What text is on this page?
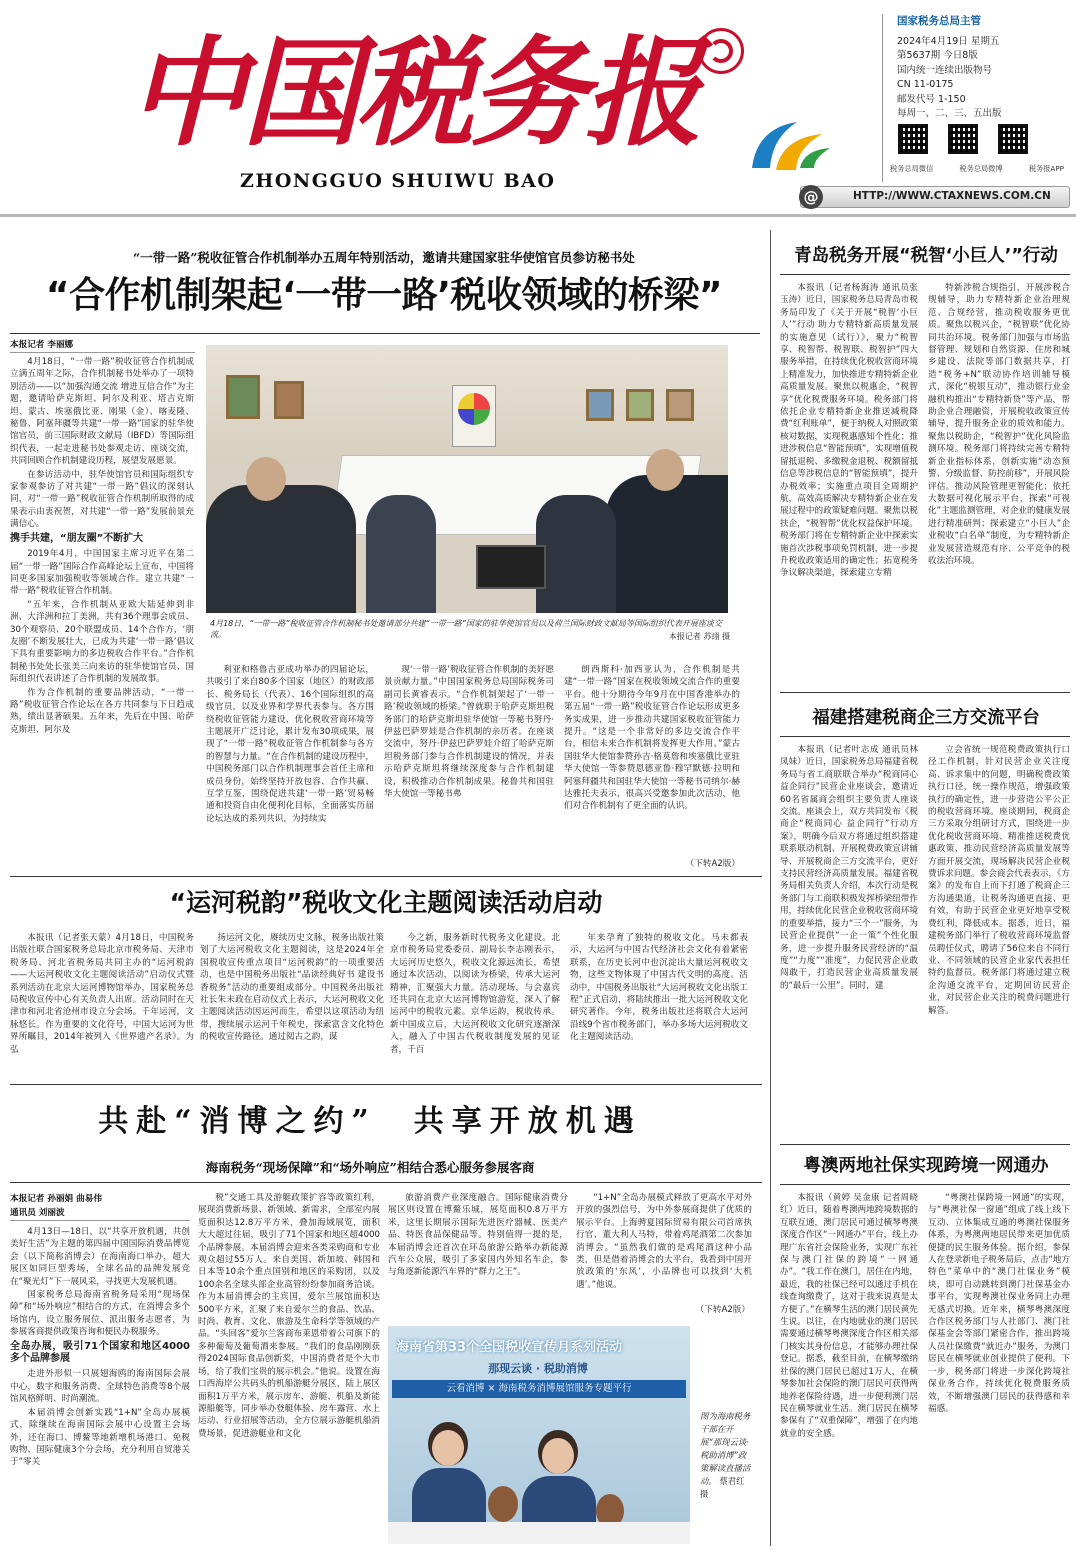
中国税务报
ZHONGGUO SHUIWU BAO
国家税务总局主管
2024年4月19日 星期五
第5637期 今日8版
国内统一连续出版物号
CN 11-0175
邮发代号 1-150
每周一、二、三、五出版
税务总局微信	税务总局微博	税务报APP
@	HTTP://WWW.CTAXNEWS.COM.CN
“一带一路”税收征管合作机制举办五周年特别活动，邀请共建国家驻华使馆官员参访秘书处
“合作机制架起‘一带一路’税收领域的桥梁”
本报记者 李丽娜

4月18日，“一带一路”税收征管合作机制成立满五周年之际，合作机制秘书处举办了一项特别活动——以“加强沟通交流 增进互信合作”为主题，邀请哈萨克斯坦、阿尔及利亚、塔吉克斯坦、蒙古、埃塞俄比亚、刚果（金）、喀麦隆、秘鲁、阿塞拜疆等共建“一带一路”国家的驻华使馆官员，前三国际财政文献局（IBFD）等国际组织代表，一起走进秘书处参观走访、座谈交流，共同回顾合作机制建设历程，展望发展愿景。

在参访活动中，驻华使馆官员和国际组织专家参观参访了对共建“一带一路”倡议的深刻认同，对“一带一路”税收征管合作机制所取得的成果表示由衷祝贺，对共建“一带一路”发展前景充满信心。

携手共建，“朋友圈”不断扩大

2019年4月，中国国家主席习近平在第二届“一带一路”国际合作高峰论坛上宣布，中国将同更多国家加强税收等领域合作。建立共建“一带一路”税收征管合作机制。

“五年来，合作机制从亚欧大陆延伸到非洲、大洋洲和拉丁美洲，共有36个理事会成员、30个观察员、20个联盟成员、14个合作方，‘朋友圈’不断发展壮大，已成为共建‘一带一路’倡议下具有重要影响力的多边税收合作平台。”合作机制秘书处处长张美三向来访的驻华使馆官员、国际组织代表讲述了合作机制的发展故事。

作为合作机制的重要品牌活动，“一带一路”税收征管合作论坛在各方共同参与下日趋成熟，绩出显著硕果。五年来，先后在中国、哈萨克斯坦、阿尔及

4月18日，“一带一路”税收征管合作机制秘书处邀请部分共建“一带一路”国家的驻华使馆官员以及荷兰国际财政文献局等国际组织代表开展座谈交流。	本报记者 苏翊 摄

利亚和格鲁吉亚成功举办的四届论坛，共吸引了来自80多个国家（地区）的财政部长、税务局长（代表）、16个国际组织的高级官员，以及业界和学界代表参与。各方围绕税收征管能力建设、优化税收营商环境等主题展开广泛讨论，累计发布30项成果，展现了“一带一路”税收征管合作机制参与各方的智慧与力量。“在合作机制的建设历程中，中国税务部门以合作机制理事会首任主席和成员身份，始终坚持开放包容、合作共赢、互学互鉴，围绕促进共建‘一带一路’贸易畅通和投资自由化便利化目标，全面落实历届论坛达成的系列共识，为持续实

现‘一带一路’税收征管合作机制的美好愿景贡献力量。”中国国家税务总局国际税务司副司长黄睿表示。“合作机制架起了‘一带一路’税收领域的桥梁。”曾就职于哈萨克斯坦税务部门的哈萨克斯坦驻华使馆一等秘书努丹·伊兹巴萨罗娃是合作机制的亲历者。在座谈交流中，努丹·伊兹巴萨罗娃介绍了哈萨克斯坦税务部门参与合作机制建设的情况，并表示哈萨克斯坦将继续深度参与合作机制建设，积极推动合作机制成果。秘鲁共和国驻华大使馆一等秘书弗

朗西斯科·加西亚认为，合作机制是共建“一带一路”国家在税收领域交流合作的重要平台。他十分期待今年9月在中国香港举办的第五届“一带一路”税收征管合作论坛形成更多务实成果，进一步推动共建国家税收征管能力提升。“这是一个非常好的多边交流合作平台，相信未来合作机制将发挥更大作用。”蒙古国驻华大使馆参赞孙吉·格莫詹和埃塞俄比亚驻华大使馆一等参赞恩德亚鲁·穆罕默德·拉明和阿塞拜疆共和国驻华大使馆一等秘书司纳尔·赫达雅托夫表示，很高兴受邀参加此次活动，他们对合作机制有了更全面的认识。

（下转A2版）
“运河税韵”税收文化主题阅读活动启动

本报讯（记者张天蒙）4月18日，中国税务出版社联合国家税务总局北京市税务局、天津市税务局、河北省税务局共同主办的“运河税韵——大运河税收文化主题阅读活动”启动仪式暨系列活动在北京大运河博物馆举办，国家税务总局税收宣传中心有关负责人出席。活动同时在天津市和河北省沧州市设立分会场。千年运河，文脉悠长。作为重要的文化符号，中国大运河为世界所瞩目，2014年被列入《世界遗产名录》。为弘

扬运河文化，赓续历史文脉，税务出版社策划了大运河税收文化主题阅读，这是2024年全国税收宣传重点项目“运河税韵”的一项重要活动，也是中国税务出版社“品读经典好书 建设书香税务”活动的重要组成部分。中国税务出版社社长朱未政在启动仪式上表示，大运河税收文化主题阅读活动因运河而生，希望以这项活动为纽带，搜续展示运河千年税史，探索富含文化特色的税收宣传路径。通过阅古之韵，谋

今之新，服务新时代税务文化建设。北京市税务局党委委员、副局长李志刚表示，大运河历史悠久，税收文化源远流长，希望通过本次活动，以阅读为桥梁，传承大运河精神，汇聚强大力量。活动现场，与会嘉宾还共同在北京大运河博物馆游览，深入了解运河中的税收元素。京华运韵，税收传承。新中国成立后，大运河税收文化研究逐渐深入，融入了中国古代税收制度发展的见证者，千百

年来孕育了独特的税收文化。马未都表示，大运河与中国古代经济社会文化有着紧密联系，在历史长河中也沉淀出大量运河税收文物，这些文物体现了中国古代文明的高度。活动中，中国税务出版社“大运河税收文化出版工程”正式启动，将陆续推出一批大运河税收文化研究著作。今年，税务出版社还将联合大运河沿线9个省市税务部门，举办多场大运河税收文化主题阅读活动。

共赴“消博之约”  共享开放机遇
海南税务“现场保障”和“场外响应”相结合悉心服务参展客商
本报记者 孙丽娟 曲易伟
通讯员 刘丽波

4月13日—18日，以“共享开放机遇，共创美好生活”为主题的第四届中国国际消费品博览会（以下简称消博会）在海南海口举办，超大展区如同巨型秀场，全球名品的品牌发展竞在“聚光灯”下一展风采，寻找更大发展机遇。

国家税务总局海南省税务局采用“现场保障”和“场外响应”相结合的方式，在消博会多个场馆内，设立服务展位、派出服务志愿者，为参展客商提供政策咨询和便民办税服务。

全岛办展，吸引71个国家和地区4000多个品牌参展

走进外形似一只展翅海鸥的海南国际会展中心，数字和服务消费、全球特色消费等8个展馆风格鲜明、时尚潮流。

本届消博会创新实践“1+N”全岛办展模式，除继续在海南国际会展中心设置主会场外，还在海口、博鳌等地新增机场港口、免税购物、国际健康3个分会场，充分利用自贸港关于“零关

税”交通工具及游艇政策扩容等政策红利，展现消费新场景、新领域、新需求，全部室内展览面积达12.8万平方米，叠加海域展览，面积大大超过往届，吸引了71个国家和地区超4000个品牌参展。本届消博会迎来各类采购商和专业观众超过55万人。来自美国、新加坡、韩国和日本等10余个重点国别和地区的采购团，以及100余名全球头部企业高管纷纷参加商务洽谈。作为本届消博会的主宾国，爱尔兰展馆面积达500平方米，汇聚了来自爱尔兰的食品、饮品、时尚、教育、文化、旅游及生命科学等领域的产品。“头回客”爱尔兰客商布莱恩带着公司旗下的多种葡萄及葡萄酒来参展。“我们的食品刚刚获得2024国际食品创新奖，中国消费者是个大市场，给了我们宝贵的展示机会。”他说。设置在海口西海岸公共码头的机船游艇分展区，陆上展区面积1万平方米，展示房车、游艇、机船及新能源船艇等，同步举办登艇体验、房车露营、水上运动、行业招展等活动，全方位展示游艇机船消费场景，促进游艇业和文化

旅游消费产业深度融合。国际健康消费分展区则设置在博鳌乐城，展览面积0.8万平方米，这里长期展示国际先进医疗器械、医美产品、特医食品保健品等。特别值得一提的是，本届消博会还首次在环岛旅游公路举办新能源汽车公众展，吸引了多家国内外知名车企，参与角逐新能源汽车界的“群力之王”。

“1+N”全岛办展模式释放了更高水平对外开放的强烈信号，为中外参展商提供了优质的展示平台。上海骋夏国际贸易有限公司首席执行官、董大利人马特，带着鸡尾酒第二次参加消博会。“虽然我们做的是鸡尾酒这种小品类，但是借着消博会的大平台，我看到中国开放政策的‘东风’，小品牌也可以找到‘大机遇’。”他说。

（下转A2版）
海南省第33个全国税收宣传月系列活动
那现云谈 · 税助消博
云看消博 × 海南税务消博展馆服务专题平行
图为海南税务干部在开展“那现云谈·税助消博”政策解读直播活动。 蔡君红 摄
青岛税务开展“税智‘小巨人’”行动

本报讯（记者杨海涛 通讯员张玉涛）近日，国家税务总局青岛市税务局印发了《关于开展“税智‘小巨人’”行动 助力专精特新高质量发展的实施意见（试行）》，聚力“税智享、税智帮、税智联、税智护”四大服务举措，在持续优化税收营商环境上精准发力，加快推进专精特新企业高质量发展。聚焦以税惠企，“税智享”优化税费服务环境。税务部门将依托企业专精特新企业推送减税降费“红利账单”，便于纳税人对照政策核对数据，实现税惠感知个性化；推进涉税信息“智能预填”，实现增值税留抵退税、多缴税金退税、税额留抵信息等涉税信息的“智能预填”，提升办税效率；实施重点项目全周期护航，高效高质解决专精特新企业在发展过程中的政策疑难问题。聚焦以税扶企，“税智帮”优化权益保护环境。税务部门将在专精特新企业中探索实施首次涉税事项免罚机制，进一步提升税收政策适用的确定性；拓宽税务争议解决渠道，探索建立专精

特新涉税合规指引，开展涉税合规辅导，助力专精特新企业治理规范、合规经营，推动税收服务更优质。聚焦以税兴企，“税智联”优化协同共治环境。税务部门加强与市场监督管理、规划和自然资源、住房和城乡建设、法院等部门数据共享，打造“税务+N”联动协作培训辅导模式，深化“税银互动”，推动银行业金融机构推出“专精特新贷”等产品，帮助企业合理融资，开展税收政策宣传辅导，提升服务企业的质效和能力。聚焦以税助企，“税智护”优化风险监测环境。税务部门将持续完善专精特新企业指标体系，创新实施“动态预警、分级监督、防控前移”，开展风险评估。推动风险管理更智能化；依托大数据可视化展示平台，探索“可视化”主题监测管理，对企业的健康发展进行精准研判；探索建立“小巨人”企业税收“白名单”制度，为专精特新企业发展营造规范有序、公平竞争的税收法治环境。

福建搭建税商企三方交流平台

本报讯（记者叶志成 通讯员林凤妹）近日，国家税务总局福建省税务局与省工商联联合举办“税商同心 益企同行”民营企业座谈会，邀请近60名省属商会组织主要负责人座谈交流。座谈会上，双方共同发布《税商企“税商同心 益企同行”行动方案》，明确今后双方将通过组织搭建联系联动机制、开展税费政策宣讲辅导、开展税商企三方交流平台，更好支持民营经济高质量发展。福建省税务局相关负责人介绍，本次行动是税务部门与工商联积极发挥桥梁纽带作用，持续优化民营企业税收营商环境的重要举措，接力“三个一”服务，为民营企业提供“一企一策”个性化服务，进一步提升服务民营经济的“温度”“力度”“准度”，力促民营企业敢闯敢干，打造民营企业高质量发展的“最后一公里”。同时，建

立会省统一规范税费政策执行口径工作机制，针对民营企业关注度高、诉求集中的问题，明确税费政策执行口径，统一操作规范，增强政策执行的确定性，进一步营造公平公正的税收营商环境。座谈期间，税商企三方采取分组研讨方式，围绕进一步优化税收营商环境、精准推送税费优惠政策、推动民营经济高质量发展等方面开展交流，现场解决民营企业税费诉求问题。参会商会代表表示，《方案》的发布自上而下打通了税商企三方沟通渠道，让税务沟通更直接、更有效，有助于民营企业更好地享受税费红利，降低成本。据悉，近日，福建税务部门举行了税收营商环境监督员聘任仪式，聘请了56位来自不同行业、不同领域的民营企业家代表担任特约监督员。税务部门将通过建立税企沟通交流平台，定期回访民营企业，对民营企业关注的税费问题进行解答。

粤澳两地社保实现跨境一网通办

本报讯（黄婷 吴金康 记者周晓红）近日，随着粤澳两地跨境数据的互联互通，澳门居民可通过横琴粤澳深度合作区“一网通办”平台，线上办理广东省社会保险业务，实现广东社保与澳门社保的跨境“一网通办”。“我工作在澳门，居住在内地，最近，我的社保已经可以通过手机在线查询缴费了，这对于我来说真是太方便了。”在横琴生活的澳门居民黄先生说。以往，在内地就业的澳门居民需要通过横琴粤澳深度合作区相关部门核实其身份信息，才能够办理社保登记。据悉，截至目前，在横琴缴纳社保的澳门居民已超过1万人，在横琴参加社会保险的澳门居民可获得两地养老保险待遇，进一步便利澳门居民在横琴就业生活。澳门居民在横琴参保有了“双重保障”，增强了在内地就业的安全感。

“粤澳社保跨境一网通”的实现，与“粤澳社保一窗通”组成了线上线下互动、立体集成互通的粤澳社保服务体系，为粤澳两地居民带来更加优质便捷的民生服务体验。据介绍，参保人在登录新电子税务局后，点击“地方特色”菜单中的“澳门社保业务”模块，即可自动跳转到澳门社保基金办事平台，实现粤澳社保业务同上办理无感式切换。近年来，横琴粤澳深度合作区税务部门与人社部门、澳门社保基金会等部门紧密合作，推出跨境人员社保缴费“就近办”服务，为澳门居民在横琴就业创业提供了便利。下一步，税务部门将进一步深化跨境社保业务合作，持续优化税费服务质效，不断增强澳门居民的获得感和幸福感。
